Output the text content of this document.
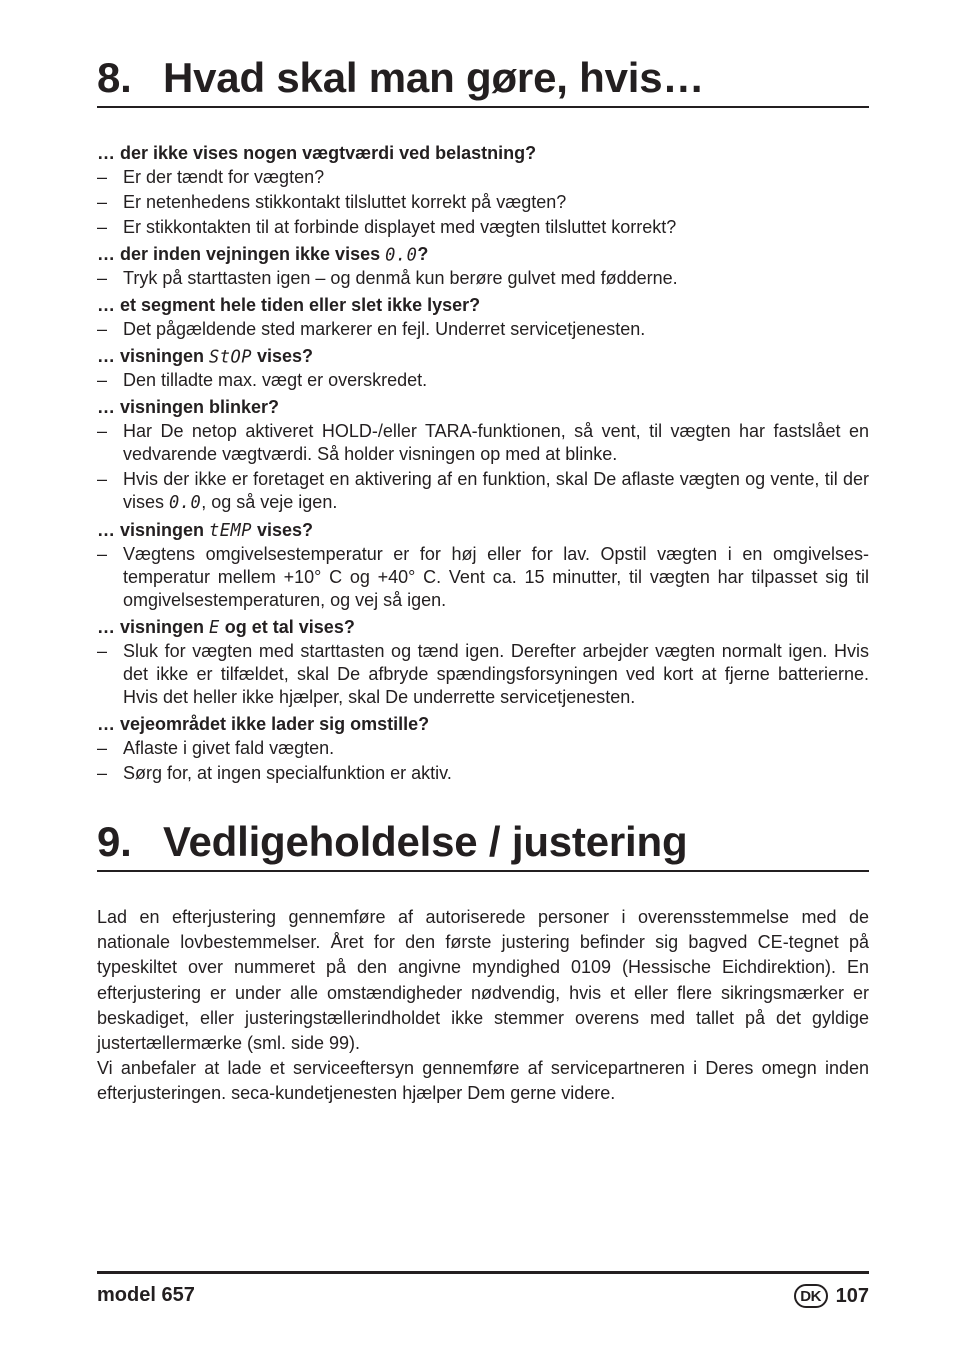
8. Hvad skal man gøre, hvis…
… der ikke vises nogen vægtværdi ved belastning?
– Er der tændt for vægten?
– Er netenhedens stikkontakt tilsluttet korrekt på vægten?
– Er stikkontakten til at forbinde displayet med vægten tilsluttet korrekt?
… der inden vejningen ikke vises 0.0?
– Tryk på starttasten igen – og denmå kun berøre gulvet med fødderne.
… et segment hele tiden eller slet ikke lyser?
– Det pågældende sted markerer en fejl. Underret servicetjenesten.
… visningen StOP vises?
– Den tilladte max. vægt er overskredet.
… visningen blinker?
– Har De netop aktiveret HOLD-/eller TARA-funktionen, så vent, til vægten har fastslået en vedvarende vægtværdi. Så holder visningen op med at blinke.
– Hvis der ikke er foretaget en aktivering af en funktion, skal De aflaste vægten og vente, til der vises 0.0, og så veje igen.
… visningen tEMP vises?
– Vægtens omgivelsestemperatur er for høj eller for lav. Opstil vægten i en omgivelses-temperatur mellem +10° C og +40° C. Vent ca. 15 minutter, til vægten har tilpasset sig til omgivelsestemperaturen, og vej så igen.
… visningen E og et tal vises?
– Sluk for vægten med starttasten og tænd igen. Derefter arbejder vægten normalt igen. Hvis det ikke er tilfældet, skal De afbryde spændingsforsyningen ved kort at fjerne batterierne. Hvis det heller ikke hjælper, skal De underrette servicetjenesten.
… vejeområdet ikke lader sig omstille?
– Aflaste i givet fald vægten.
– Sørg for, at ingen specialfunktion er aktiv.
9. Vedligeholdelse / justering

Lad en efterjustering gennemføre af autoriserede personer i overensstemmelse med de nationale lovbestemmelser. Året for den første justering befinder sig bagved CE-tegnet på typeskiltet over nummeret på den angivne myndighed 0109 (Hessische Eichdirektion). En efterjustering er under alle omstændigheder nødvendig, hvis et eller flere sikringsmærker er beskadiget, eller justeringstællerindholdet ikke stemmer overens med tallet på det gyldige justertællermærke (sml. side 99).

Vi anbefaler at lade et serviceeftersyn gennemføre af servicepartneren i Deres omegn inden efterjusteringen. seca-kundetjenesten hjælper Dem gerne videre.

model 657	DK 107
